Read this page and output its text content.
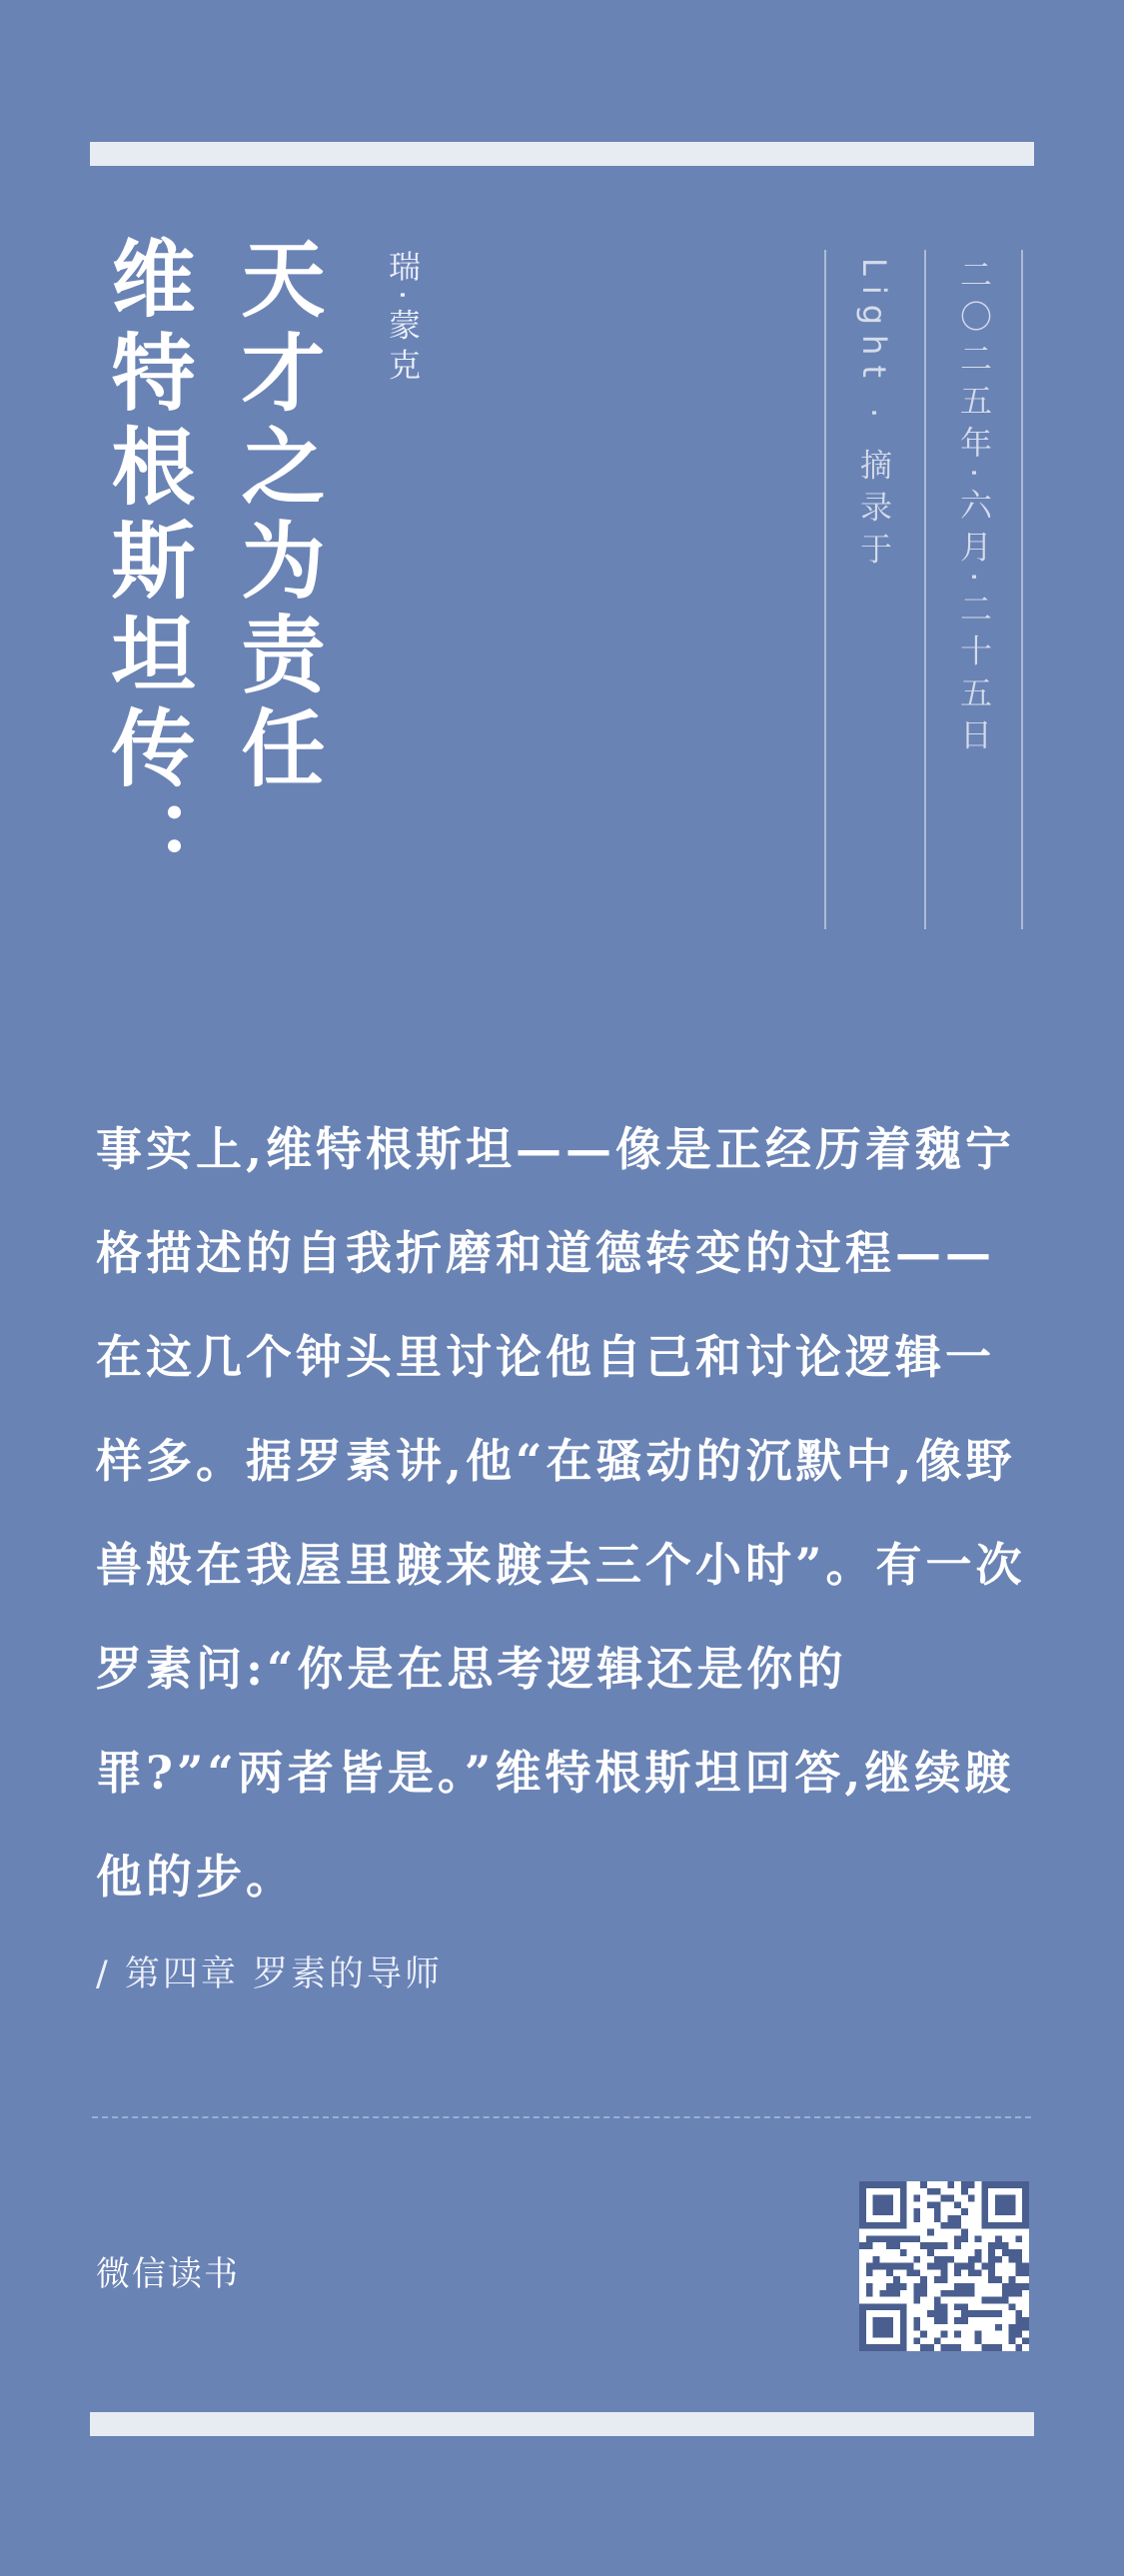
维特根斯坦传： 天才之为责任 瑞·蒙克	Light · 摘录于 二〇二五年·六月·二十五日

事实上,维特根斯坦——像是正经历着魏宁格描述的自我折磨和道德转变的过程——在这几个钟头里讨论他自己和讨论逻辑一样多。据罗素讲,他“在骚动的沉默中,像野兽般在我屋里踱来踱去三个小时”。有一次罗素问:“你是在思考逻辑还是你的罪?”“两者皆是。”维特根斯坦回答,继续踱他的步。

/ 第四章 罗素的导师
微信读书
